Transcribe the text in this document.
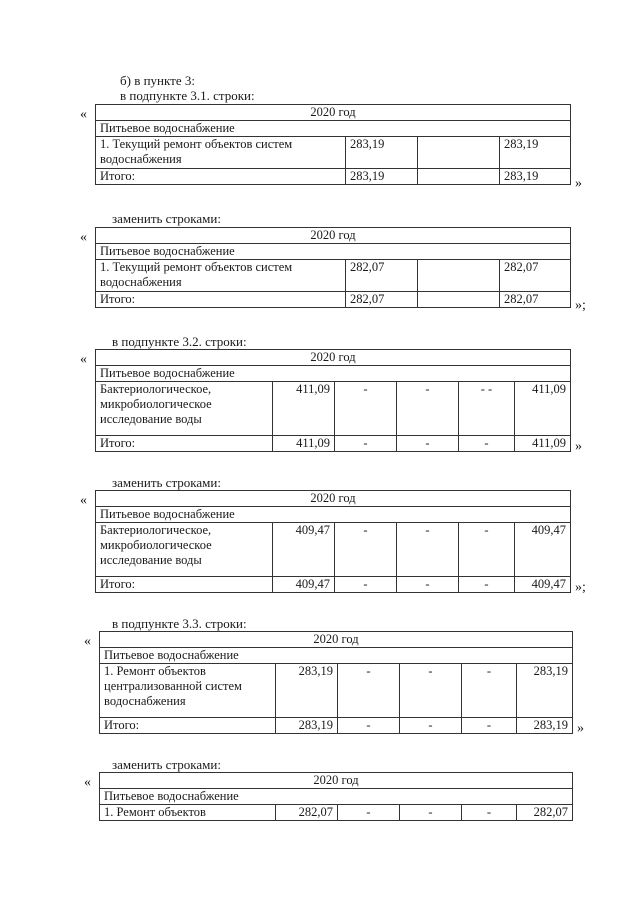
б) в пункте 3:
в подпункте 3.1. строки:
«	2020 год			
Питьевое водоснабжение			
1. Текущий ремонт объектов систем водоснабжения	283,19		283,19
Итого:	283,19		283,19	»
заменить строками:
«	2020 год			
Питьевое водоснабжение			
1. Текущий ремонт объектов систем водоснабжения	282,07		282,07
Итого:	282,07		282,07	»;
в подпункте 3.2. строки:
«	2020 год					
Питьевое водоснабжение					
Бактериологическое, микробиологическое исследование воды	411,09	-	-	- -	411,09
Итого:	411,09	-	-	-	411,09 »
заменить строками:
«	2020 год					
Питьевое водоснабжение					
Бактериологическое, микробиологическое исследование воды	409,47	-	-	-	409,47
Итого:	409,47	-	-	-	409,47 »;
в подпункте 3.3. строки:
«	2020 год					
Питьевое водоснабжение					
1. Ремонт объектов централизованной систем водоснабжения	283,19	-	-	-	283,19
Итого:	283,19	-	-	-	283,19 »
заменить строками:
«	2020 год
Питьевое водоснабжение
1. Ремонт объектов	282,07	-	-	-	282,07
